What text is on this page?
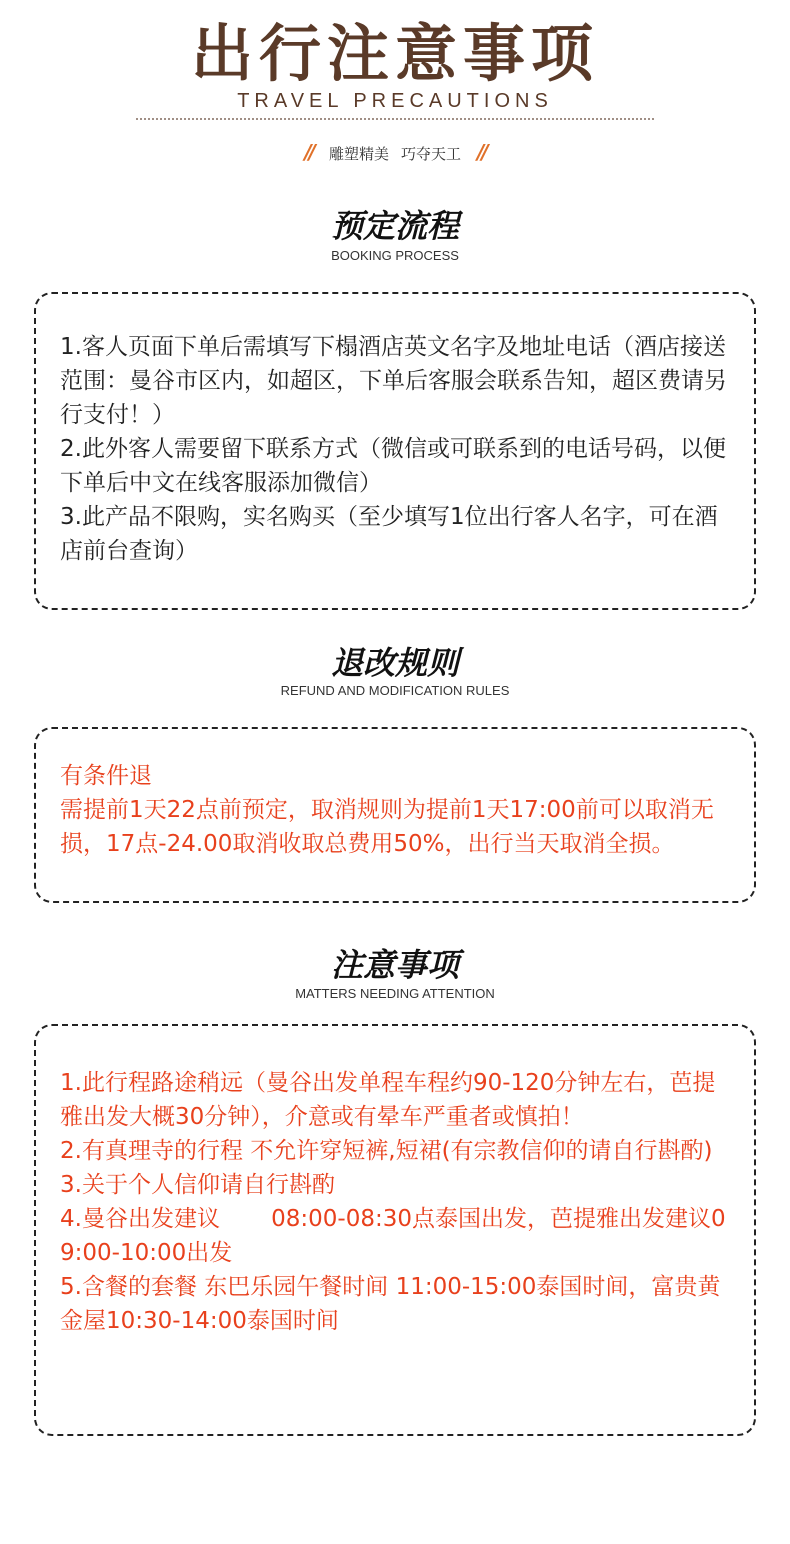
出行注意事项
TRAVEL PRECAUTIONS
// 雕塑精美 巧夺天工 //
预定流程
BOOKING PROCESS
1.客人页面下单后需填写下榻酒店英文名字及地址电话（酒店接送范围：曼谷市区内，如超区，下单后客服会联系告知，超区费请另行支付！）
2.此外客人需要留下联系方式（微信或可联系到的电话号码，以便下单后中文在线客服添加微信）
3.此产品不限购，实名购买（至少填写1位出行客人名字，可在酒店前台查询）
退改规则
REFUND AND MODIFICATION RULES
有条件退
需提前1天22点前预定，取消规则为提前1天17:00前可以取消无损，17点-24.00取消收取总费用50%，出行当天取消全损。
注意事项
MATTERS NEEDING ATTENTION
1.此行程路途稍远（曼谷出发单程车程约90-120分钟左右，芭提雅出发大概30分钟），介意或有晕车严重者或慎拍！
2.有真理寺的行程 不允许穿短裤,短裙(有宗教信仰的请自行斟酌)
3.关于个人信仰请自行斟酌
4.曼谷出发建议       08:00-08:30点泰国出发，芭提雅出发建议09:00-10:00出发
5.含餐的套餐 东巴乐园午餐时间 11:00-15:00泰国时间，富贵黄金屋10:30-14:00泰国时间
